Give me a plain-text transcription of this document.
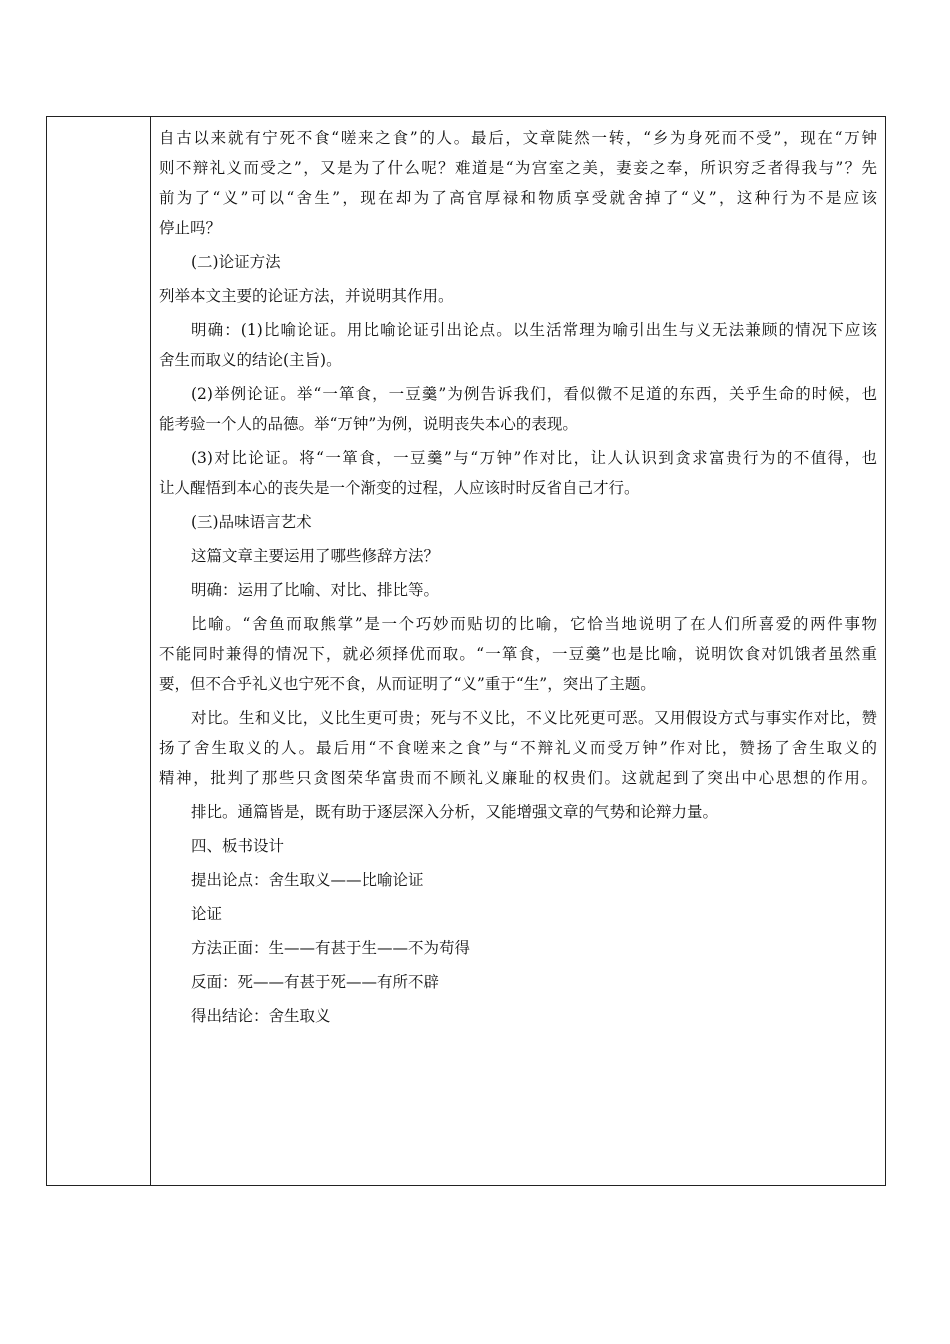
自古以来就有宁死不食“嗟来之食”的人。最后，文章陡然一转，“乡为身死而不受”，现在“万钟
则不辩礼义而受之”，又是为了什么呢？难道是“为宫室之美，妻妾之奉，所识穷乏者得我与”？先
前为了“义”可以“舍生”，现在却为了高官厚禄和物质享受就舍掉了“义”，这种行为不是应该
停止吗？
(二)论证方法
列举本文主要的论证方法，并说明其作用。
明确：(1)比喻论证。用比喻论证引出论点。以生活常理为喻引出生与义无法兼顾的情况下应该
舍生而取义的结论(主旨)。
(2)举例论证。举“一箪食，一豆羹”为例告诉我们，看似微不足道的东西，关乎生命的时候，也
能考验一个人的品德。举“万钟”为例，说明丧失本心的表现。
(3)对比论证。将“一箪食，一豆羹”与“万钟”作对比，让人认识到贪求富贵行为的不值得，也
让人醒悟到本心的丧失是一个渐变的过程，人应该时时反省自己才行。
(三)品味语言艺术
这篇文章主要运用了哪些修辞方法？
明确：运用了比喻、对比、排比等。
比喻。“舍鱼而取熊掌”是一个巧妙而贴切的比喻，它恰当地说明了在人们所喜爱的两件事物
不能同时兼得的情况下，就必须择优而取。“一箪食，一豆羹”也是比喻，说明饮食对饥饿者虽然重
要，但不合乎礼义也宁死不食，从而证明了“义”重于“生”，突出了主题。
对比。生和义比，义比生更可贵；死与不义比，不义比死更可恶。又用假设方式与事实作对比，赞
扬了舍生取义的人。最后用“不食嗟来之食”与“不辩礼义而受万钟”作对比，赞扬了舍生取义的
精神，批判了那些只贪图荣华富贵而不顾礼义廉耻的权贵们。这就起到了突出中心思想的作用。
排比。通篇皆是，既有助于逐层深入分析，又能增强文章的气势和论辩力量。
四、板书设计
提出论点：舍生取义——比喻论证
论证
方法正面：生——有甚于生——不为苟得
反面：死——有甚于死——有所不辟
得出结论：舍生取义
